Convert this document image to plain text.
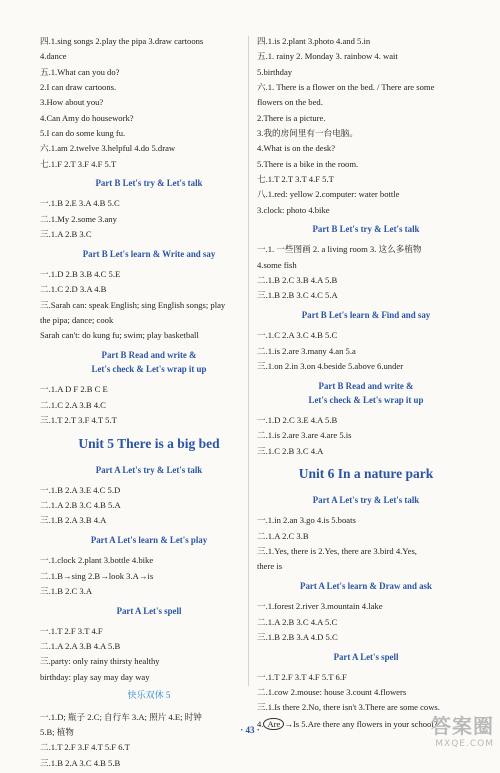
四.1.sing songs 2.play the pipa 3.draw cartoons
4.dance
五.1.What can you do?
2.I can draw cartoons.
3.How about you?
4.Can Amy do housework?
5.I can do some kung fu.
六.1.am 2.twelve 3.helpful 4.do 5.draw
七.1.F 2.T 3.F 4.F 5.T
Part B Let's try & Let's talk
一.1.B 2.E 3.A 4.B 5.C
二.1.My 2.some 3.any
三.1.A 2.B 3.C
Part B Let's learn & Write and say
一.1.D 2.B 3.B 4.C 5.E
二.1.C 2.D 3.A 4.B
三.Sarah can: speak English; sing English songs; play
the pipa; dance; cook
Sarah can't: do kung fu; swim; play basketball
Part B Read and write &
Let's check & Let's wrap it up
一.1.A D F 2.B C E
二.1.C 2.A 3.B 4.C
三.1.T 2.T 3.F 4.T 5.T
Unit 5 There is a big bed
Part A Let's try & Let's talk
一.1.B 2.A 3.E 4.C 5.D
二.1.A 2.B 3.C 4.B 5.A
三.1.B 2.A 3.B 4.A
Part A Let's learn & Let's play
一.1.clock 2.plant 3.bottle 4.bike
二.1.B→sing 2.B→look 3.A→is
三.1.B 2.C 3.A
Part A Let's spell
一.1.T 2.F 3.T 4.F
二.1.A 2.A 3.B 4.A 5.B
三.party: only rainy thirsty healthy
birthday: play say may day way
快乐双休 5
一.1.D; 瓶子 2.C; 自行车 3.A; 照片 4.E; 时钟
5.B; 植物
二.1.T 2.F 3.F 4.T 5.F 6.T
三.1.B 2.A 3.C 4.B 5.B
四.1.is 2.plant 3.photo 4.and 5.in
五.1. rainy 2. Monday 3. rainbow 4. wait
5.birthday
六.1. There is a flower on the bed. / There are some
flowers on the bed.
2.There is a picture.
3.我的房间里有一台电脑。
4.What is on the desk?
5.There is a bike in the room.
七.1.T 2.T 3.T 4.F 5.T
八.1.red: yellow 2.computer: water bottle
3.clock: photo 4.bike
Part B Let's try & Let's talk
一.1. 一些图画 2. a living room 3. 这么多植物
4.some fish
二.1.B 2.C 3.B 4.A 5.B
三.1.B 2.B 3.C 4.C 5.A
Part B Let's learn & Find and say
一.1.C 2.A 3.C 4.B 5.C
二.1.is 2.are 3.many 4.an 5.a
三.1.on 2.in 3.on 4.beside 5.above 6.under
Part B Read and write &
Let's check & Let's wrap it up
一.1.D 2.C 3.E 4.A 5.B
二.1.is 2.are 3.are 4.are 5.is
三.1.C 2.B 3.C 4.A
Unit 6 In a nature park
Part A Let's try & Let's talk
一.1.in 2.an 3.go 4.is 5.boats
二.1.A 2.C 3.B
三.1.Yes, there is 2.Yes, there are 3.bird 4.Yes,
there is
Part A Let's learn & Draw and ask
一.1.forest 2.river 3.mountain 4.lake
二.1.A 2.B 3.C 4.A 5.C
三.1.B 2.B 3.A 4.D 5.C
Part A Let's spell
一.1.T 2.F 3.T 4.F 5.T 6.F
二.1.cow 2.mouse: house 3.count 4.flowers
三.1.Is there 2.No, there isn't 3.There are some cows.
4. Are →Is 5.Are there any flowers in your school?
· 43 ·	答案圈
MXQE.COM
